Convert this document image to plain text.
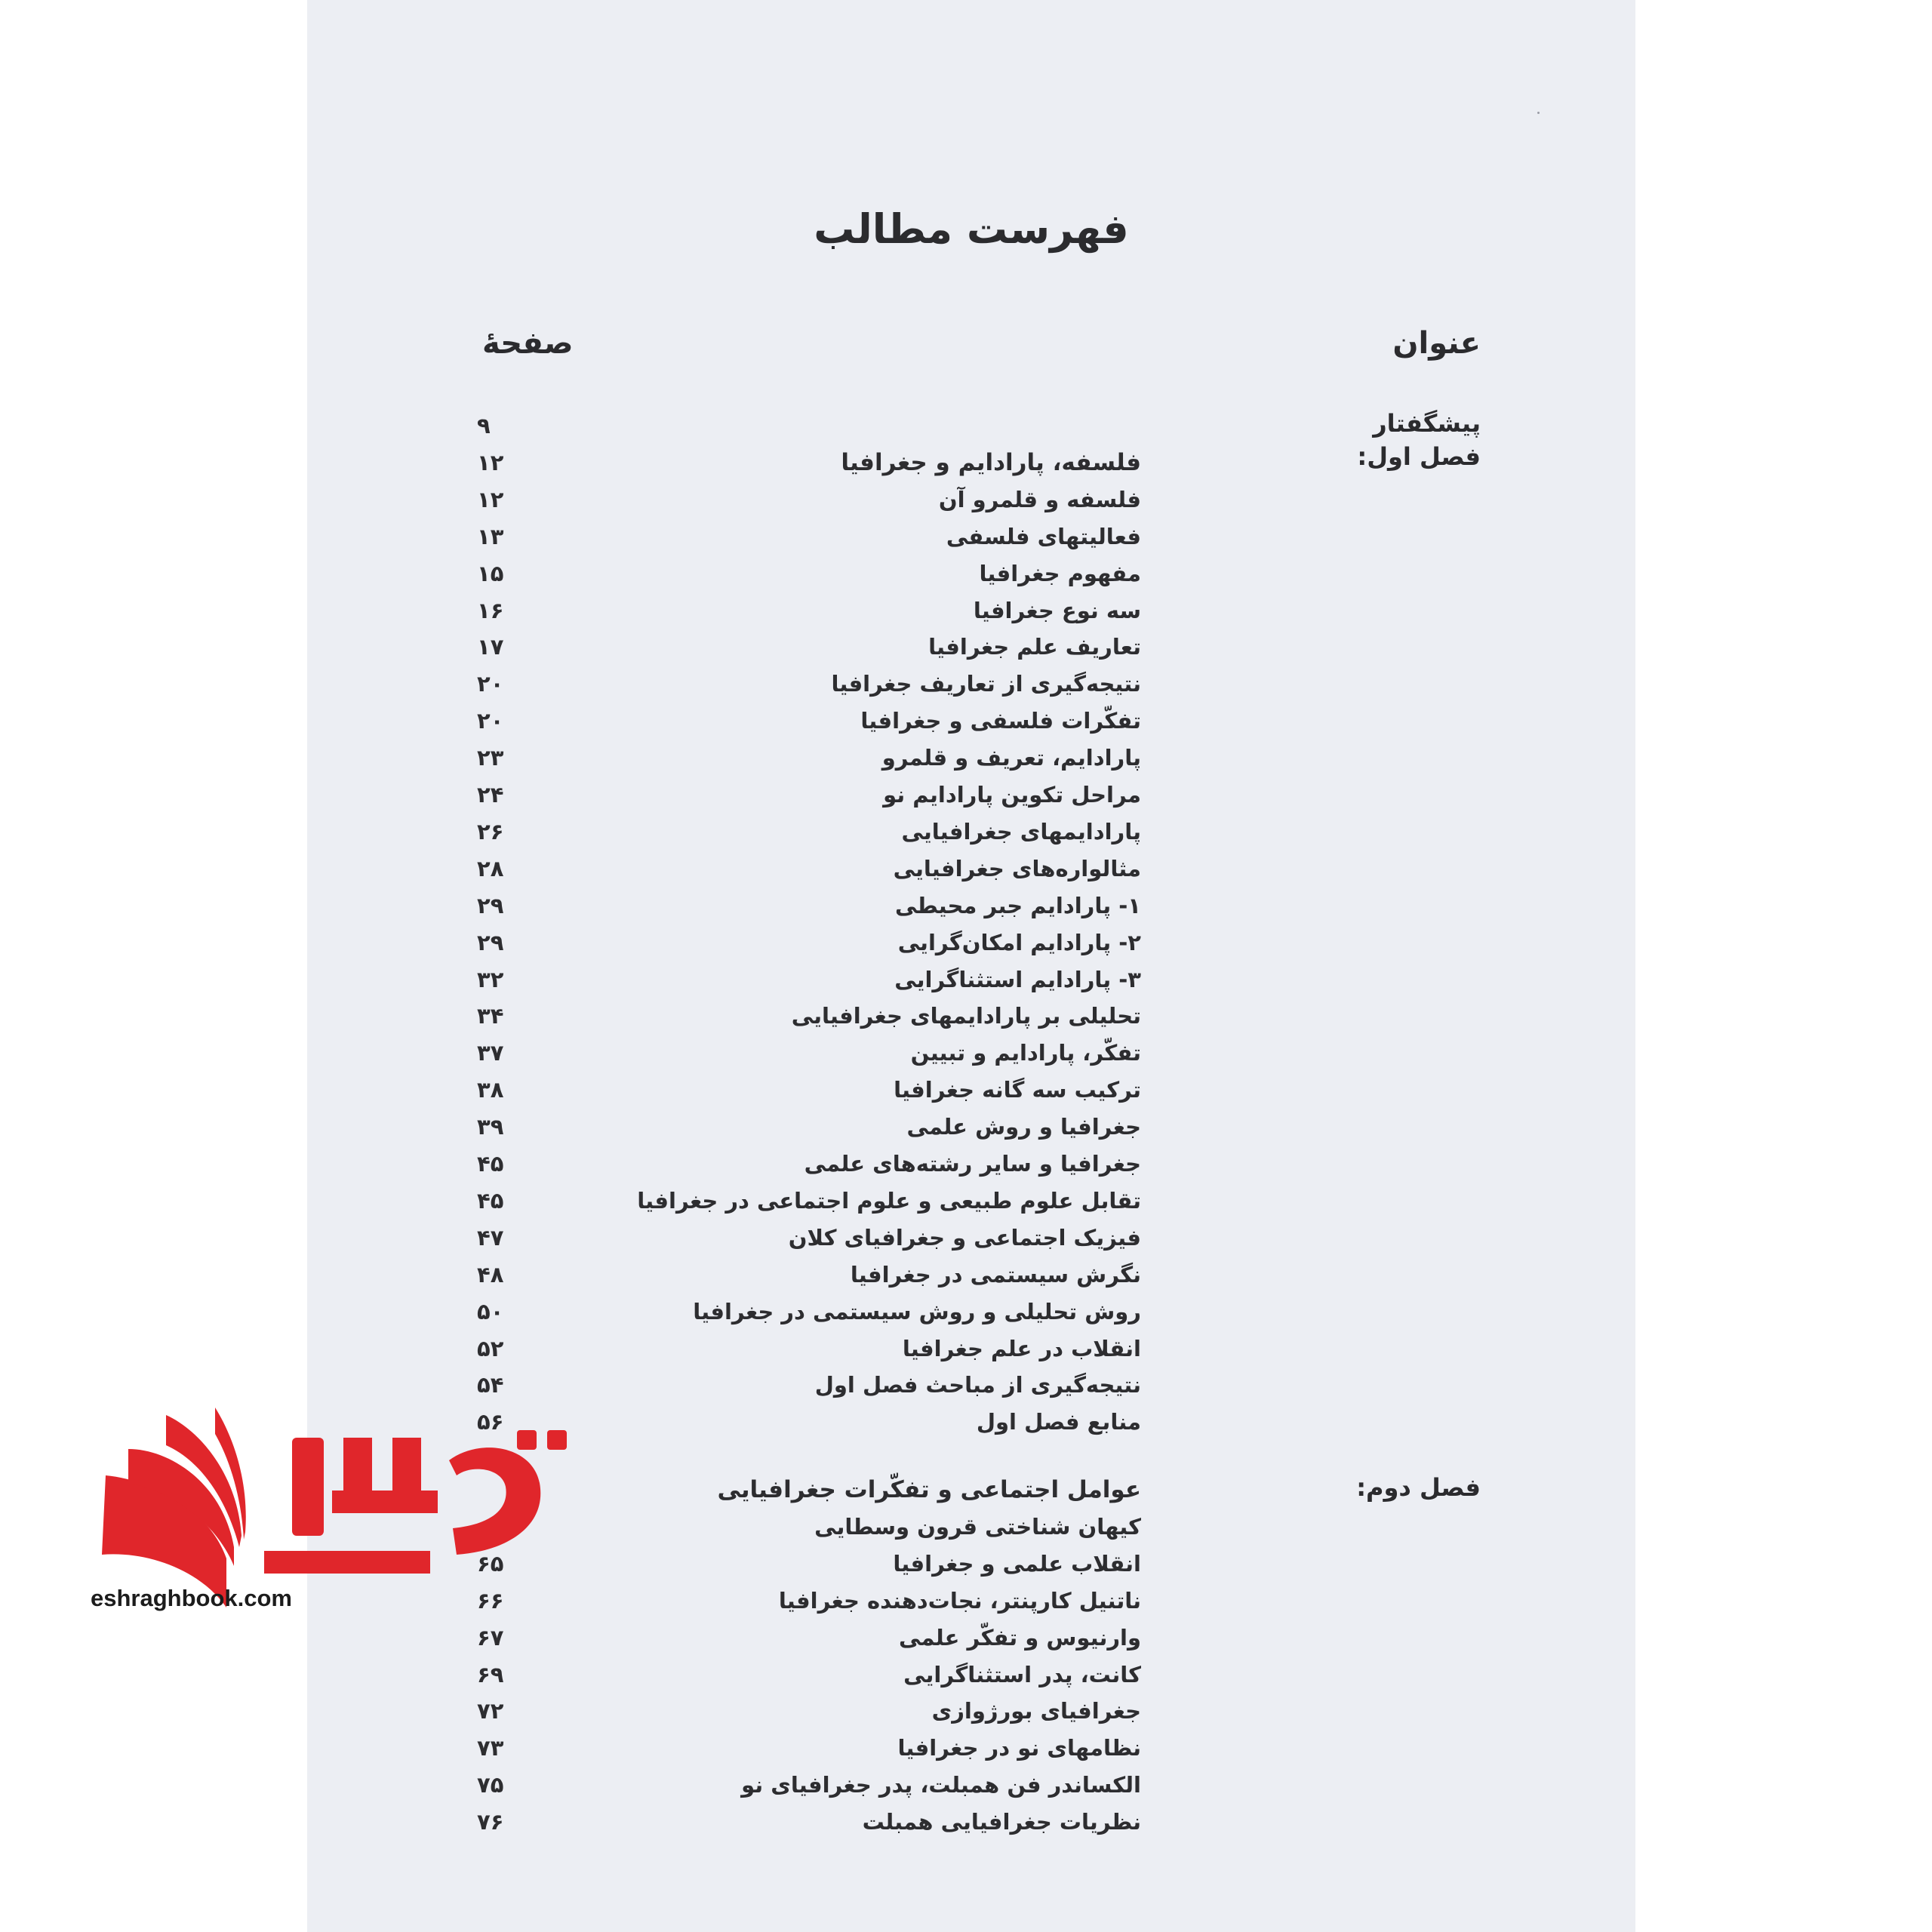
فهرست مطالب
عنوان
صفحهٔ
پیشگفتار
فصل اول:
فصل دوم:
۹
فلسفه، پارادایم و جغرافیا
۱۲
فلسفه و قلمرو آن
۱۲
فعالیتهای فلسفی
۱۳
مفهوم جغرافیا
۱۵
سه نوع جغرافیا
۱۶
تعاریف علم جغرافیا
۱۷
نتیجه‌گیری از تعاریف جغرافیا
۲۰
تفکّرات فلسفی و جغرافیا
۲۰
پارادایم، تعریف و قلمرو
۲۳
مراحل تکوین پارادایم نو
۲۴
پارادایمهای جغرافیایی
۲۶
مثالواره‌های جغرافیایی
۲۸
۱- پارادایم جبر محیطی
۲۹
۲- پارادایم امکان‌گرایی
۲۹
۳- پارادایم استثناگرایی
۳۲
تحلیلی بر پارادایمهای جغرافیایی
۳۴
تفکّر، پارادایم و تبیین
۳۷
ترکیب سه گانه جغرافیا
۳۸
جغرافیا و روش علمی
۳۹
جغرافیا و سایر رشته‌های علمی
۴۵
تقابل علوم طبیعی و علوم اجتماعی در جغرافیا
۴۵
فیزیک اجتماعی و جغرافیای کلان
۴۷
نگرش سیستمی در جغرافیا
۴۸
روش تحلیلی و روش سیستمی در جغرافیا
۵۰
انقلاب در علم جغرافیا
۵۲
نتیجه‌گیری از مباحث فصل اول
۵۴
منابع فصل اول
۵۶
عوامل اجتماعی و تفکّرات جغرافیایی
کیهان شناختی قرون وسطایی
انقلاب علمی و جغرافیا
۶۵
ناتنیل کارپنتر، نجات‌دهنده جغرافیا
۶۶
وارنیوس و تفکّر علمی
۶۷
کانت، پدر استثناگرایی
۶۹
جغرافیای بورژوازی
۷۲
نظامهای نو در جغرافیا
۷۳
الکساندر فن همبلت، پدر جغرافیای نو
۷۵
نظریات جغرافیایی همبلت
۷۶
eshraghbook.com
